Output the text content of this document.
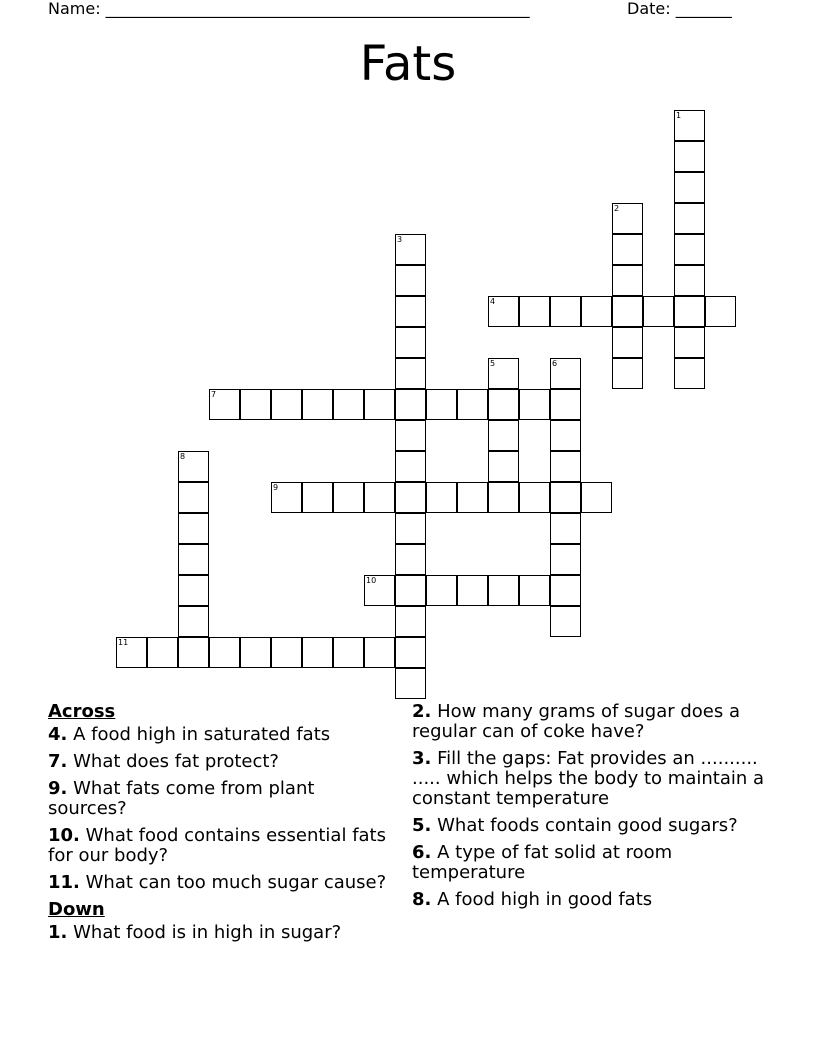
Name: _____________________________________________________	Date: _______
Fats
1
2
3
4
5	6
7
8
9
10
11
Across
4. A food high in saturated fats
7. What does fat protect?
9. What fats come from plant sources?
10. What food contains essential fats for our body?
11. What can too much sugar cause?
Down
1. What food is in high in sugar?
2. How many grams of sugar does a regular can of coke have?
3. Fill the gaps: Fat provides an .......... ..... which helps the body to maintain a constant temperature
5. What foods contain good sugars?
6. A type of fat solid at room temperature
8. A food high in good fats
